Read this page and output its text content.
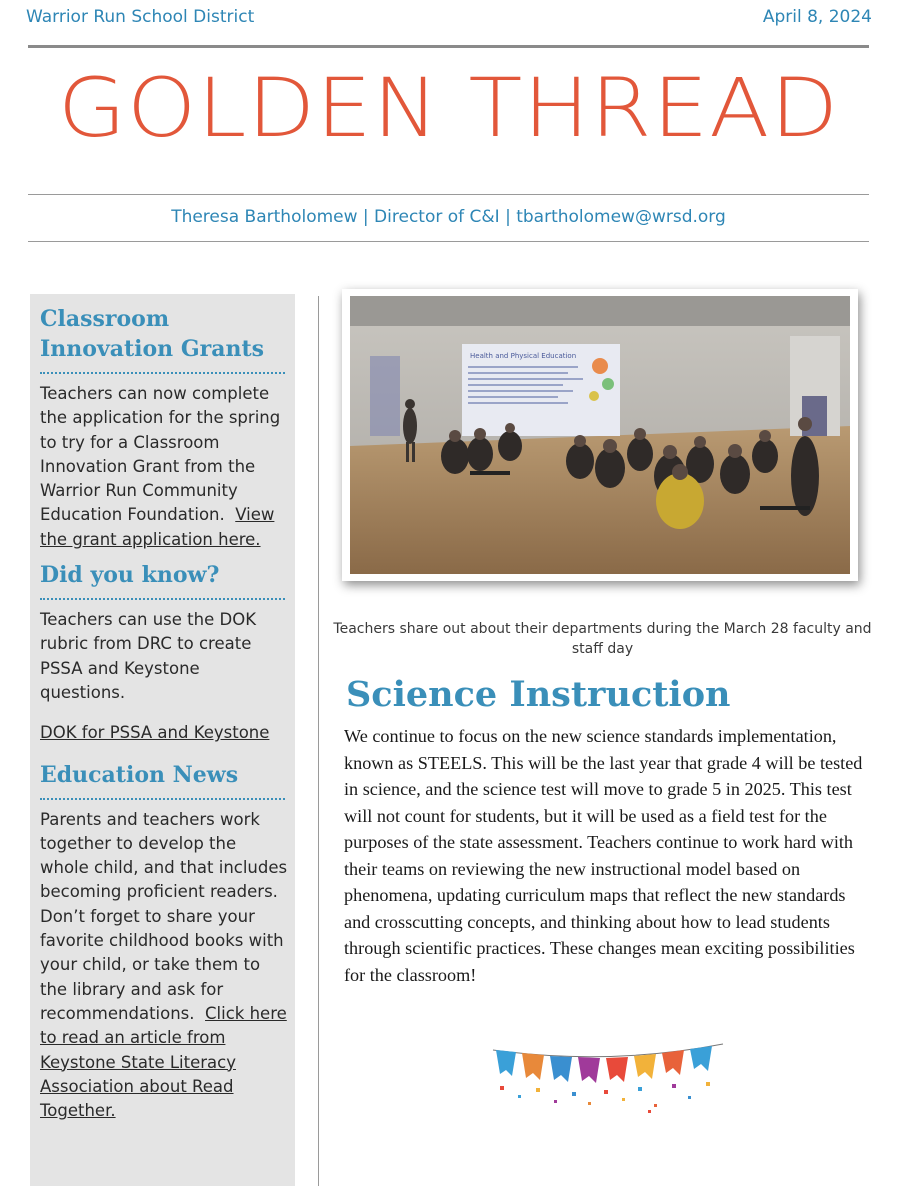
Warrior Run School District	April 8, 2024
GOLDEN THREAD
Theresa Bartholomew | Director of C&I | tbartholomew@wrsd.org
Classroom Innovation Grants

Teachers can now complete the application for the spring to try for a Classroom Innovation Grant from the Warrior Run Community Education Foundation. View the grant application here.

Did you know?

Teachers can use the DOK rubric from DRC to create PSSA and Keystone questions.

DOK for PSSA and Keystone

Education News

Parents and teachers work together to develop the whole child, and that includes becoming proficient readers. Don’t forget to share your favorite childhood books with your child, or take them to the library and ask for recommendations. Click here to read an article from Keystone State Literacy Association about Read Together.

Health and Physical Education
Teachers share out about their departments during the March 28 faculty and staff day
Science Instruction

We continue to focus on the new science standards implementation, known as STEELS. This will be the last year that grade 4 will be tested in science, and the science test will move to grade 5 in 2025. This test will not count for students, but it will be used as a field test for the purposes of the state assessment. Teachers continue to work hard with their teams on reviewing the new instructional model based on phenomena, updating curriculum maps that reflect the new standards and crosscutting concepts, and thinking about how to lead students through scientific practices. These changes mean exciting possibilities for the classroom!
